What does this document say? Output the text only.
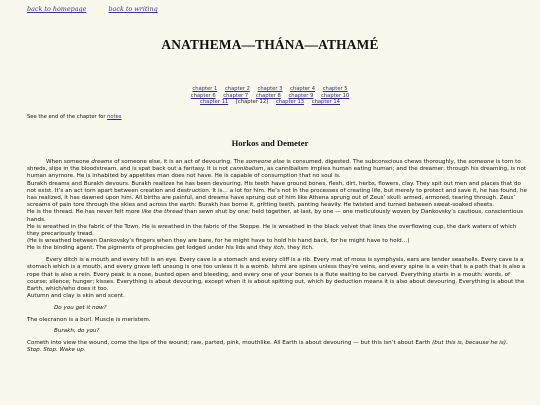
back to homepage	back to writing
ANATHEMA—THÁNA—ATHAMÉ
chapter 1 chapter 2 chapter 3 chapter 4 chapter 5
chapter 6 chapter 7 chapter 8 chapter 9 chapter 10
chapter 11 [chapter 12] chapter 13 chapter 14
See the end of the chapter for notes
Horkos and Demeter

When someone dreams of someone else, it is an act of devouring. The someone else is consumed, digested. The subconscious chews thoroughly, the someone is torn to shreds, slips in the bloodstream, and is spat back out a fantasy. It is not cannibalism, as cannibalism implies human eating human; and the dreamer, through his dreaming, is not human anymore. He is inhabited by appetites man does not have. He is capable of consumption that no soul is.

Burakh dreams and Burakh devours. Burakh realizes he has been devouring. His teeth have ground bones, flesh, dirt, herbs, flowers, clay. They spit out men and places that do not exist. It’s an act torn apart between creation and destruction. It is… a lot for him. He’s not in the processes of creating life, but merely to protect and save it, he has found, he has realized, it has dawned upon him. All births are painful, and dreams have sprung out of him like Athena sprung out of Zeus’ skull: armed, armored, tearing through. Zeus’ screams of pain tore through the skies and across the earth: Burakh has borne it, gritting teeth, panting heavily. He twisted and turned between sweat-soaked sheets.

He is the thread. He has never felt more like the thread than sewn shut by one; held together, at last, by one — one meticulously woven by Dankovsky’s cautious, conscientious hands.

He is wreathed in the fabric of the Town. He is wreathed in the fabric of the Steppe. He is wreathed in the black velvet that lines the overflowing cup, the dark waters of which they precariously tread.

(He is wreathed between Dankovsky’s fingers when they are bare, for he might have to hold his hand back, for he might have to hold…)

He is the binding agent. The pigments of prophecies get lodged under his lids and they itch, they itch.

Every ditch is a mouth and every hill is an eye. Every cave is a stomach and every cliff is a rib. Every mat of moss is symphysis, ears are tender seashells. Every cave is a stomach which is a mouth, and every grave left unsung is one too unless it is a womb. Ishmi are spines unless they’re veins, and every spine is a vein that is a path that is also a rope that is also a rein. Every peak is a nose, busted open and bleeding, and every one of your bones is a flute waiting to be carved. Everything starts in a mouth: words, of course; silence; hunger; kisses. Everything is about devouring, except when it is about spitting out, which by deduction means it is also about devouring. Everything is about the Earth, which/who does it too.

Autumn and clay is skin and scent.

Do you get it now?

The olecranon is a burl. Muscle is meristem.

Burakh, do you?

Cometh into view the wound, come the lips of the wound; raw, parted, pink, mouthlike. All Earth is about devouring — but this isn’t about Earth (but this is, because he is).

Stop. Stop. Wake up.
